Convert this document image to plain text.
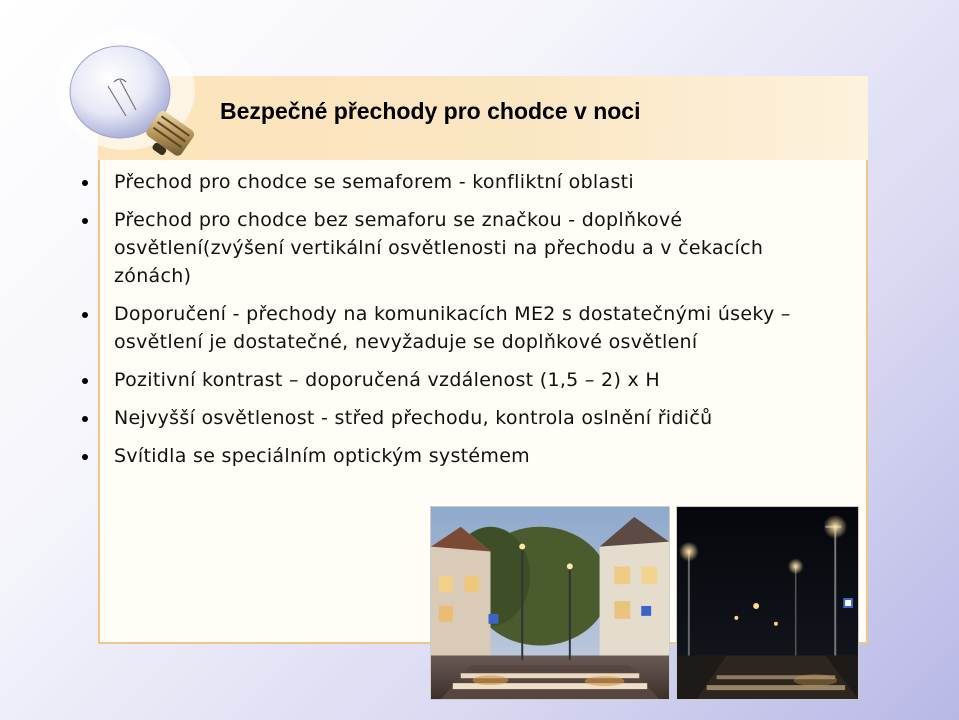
Bezpečné přechody pro chodce v noci
Přechod pro chodce se semaforem - konfliktní oblasti
Přechod pro chodce bez semaforu se značkou - doplňkové osvětlení(zvýšení vertikální osvětlenosti na přechodu a v čekacích zónách)
Doporučení - přechody na komunikacích ME2 s dostatečnými úseky – osvětlení je dostatečné, nevyžaduje se doplňkové osvětlení
Pozitivní kontrast – doporučená vzdálenost (1,5 – 2) x H
Nejvyšší osvětlenost - střed přechodu, kontrola oslnění řidičů
Svítidla se speciálním optickým systémem
